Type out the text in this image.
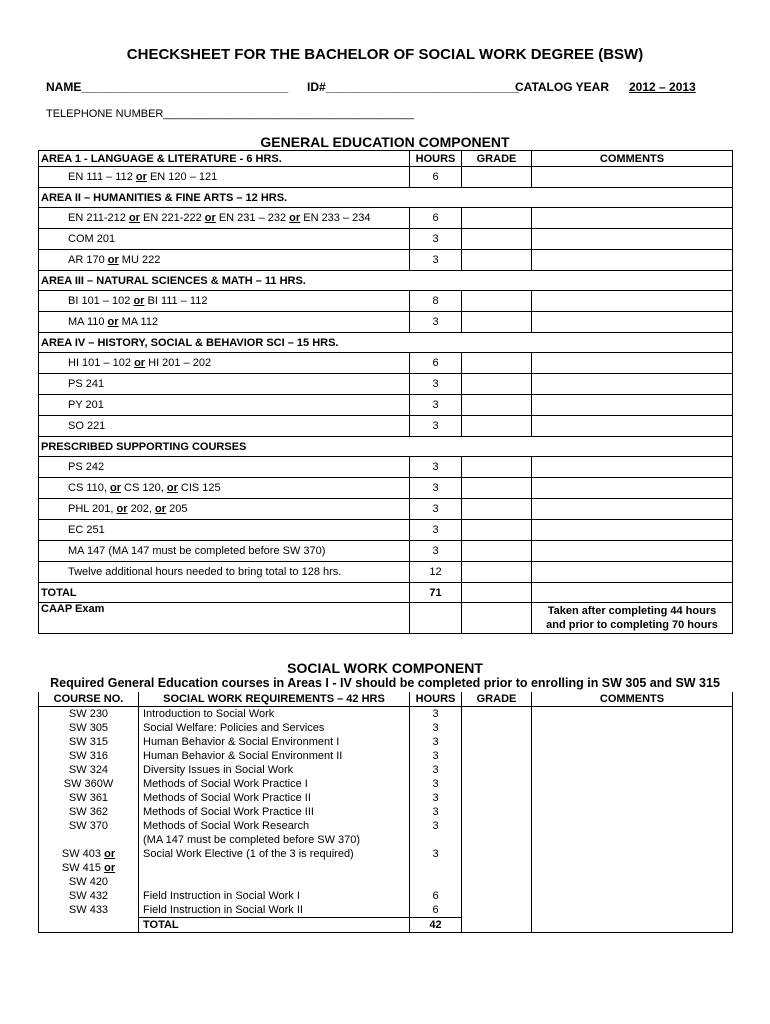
CHECKSHEET FOR THE BACHELOR OF SOCIAL WORK DEGREE (BSW)
NAME_______________________________ ID#_____________________________
CATALOG YEAR 2012 – 2013
TELEPHONE NUMBER_________________________________________
GENERAL EDUCATION COMPONENT
AREA 1 - LANGUAGE & LITERATURE - 6 HRS.	HOURS	GRADE	COMMENTS
EN 111 – 112 or EN 120 – 121	6		
AREA II – HUMANITIES & FINE ARTS – 12 HRS.			
EN 211-212 or EN 221-222 or EN 231 – 232 or EN 233 – 234	6		
COM 201	3		
AR 170 or MU 222	3		
AREA III – NATURAL SCIENCES & MATH – 11 HRS.			
BI 101 – 102 or BI 111 – 112	8		
MA 110 or MA 112	3		
AREA IV – HISTORY, SOCIAL & BEHAVIOR SCI – 15 HRS.			
HI 101 – 102 or HI 201 – 202	6		
PS 241	3		
PY 201	3		
SO 221	3		
PRESCRIBED SUPPORTING COURSES			
PS 242	3		
CS 110, or CS 120, or CIS 125	3		
PHL 201, or 202, or 205	3		
EC 251	3		
MA 147 (MA 147 must be completed before SW 370)	3		
Twelve additional hours needed to bring total to 128 hrs.	12		
TOTAL	71		
CAAP Exam			Taken after completing 44 hours
and prior to completing 70 hours
SOCIAL WORK COMPONENT
Required General Education courses in Areas I - IV should be completed prior to enrolling in SW 305 and SW 315
COURSE NO.	SOCIAL WORK REQUIREMENTS – 42 HRS	HOURS	GRADE	COMMENTS
SW 230	Introduction to Social Work	3		
SW 305	Social Welfare: Policies and Services	3		
SW 315	Human Behavior & Social Environment I	3		
SW 316	Human Behavior & Social Environment II	3		
SW 324	Diversity Issues in Social Work	3		
SW 360W	Methods of Social Work Practice I	3		
SW 361	Methods of Social Work Practice II	3		
SW 362	Methods of Social Work Practice III	3		
SW 370	Methods of Social Work Research	3		
	(MA 147 must be completed before SW 370)			

SW 403 or
SW 415 or
SW 420	Social Work Elective (1 of the 3 is required)	3		
SW 432	Field Instruction in Social Work I	6		
SW 433	Field Instruction in Social Work II	6		
	TOTAL	42		
